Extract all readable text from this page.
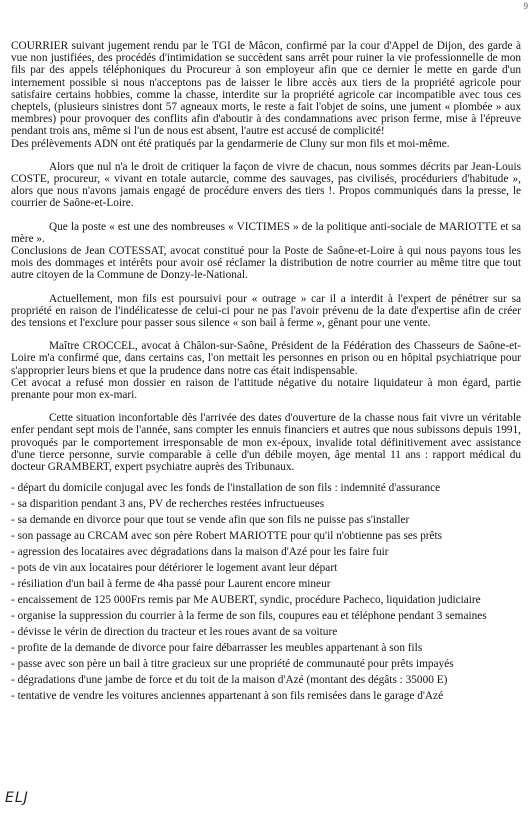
9

COURRIER suivant jugement rendu par le TGI de Mâcon, confirmé par la cour d'Appel de Dijon, des garde à vue non justifiées, des procédés d'intimidation se succèdent sans arrêt pour ruiner la vie professionnelle de mon fils par des appels téléphoniques du Procureur à son employeur afin que ce dernier le mette en garde d'un internement possible si nous n'acceptons pas de laisser le libre accès aux tiers de la propriété agricole pour satisfaire certains hobbies, comme la chasse, interdite sur la propriété agricole car incompatible avec tous ces cheptels, (plusieurs sinistres dont 57 agneaux morts, le reste a fait l'objet de soins, une jument « plombée » aux membres) pour provoquer des conflits afin d'aboutir à des condamnations avec prison ferme, mise à l'épreuve pendant trois ans, même si l'un de nous est absent, l'autre est accusé de complicité!

Des prélèvements ADN ont été pratiqués par la gendarmerie de Cluny sur mon fils et moi-même.

Alors que nul n'a le droit de critiquer la façon de vivre de chacun, nous sommes décrits par Jean-Louis COSTE, procureur, « vivant en totale autarcie, comme des sauvages, pas civilisés, procéduriers d'habitude », alors que nous n'avons jamais engagé de procédure envers des tiers !. Propos communiqués dans la presse, le courrier de Saône-et-Loire.

Que la poste « est une des nombreuses « VICTIMES » de la politique anti-sociale de MARIOTTE et sa mère ».

Conclusions de Jean COTESSAT, avocat constitué pour la Poste de Saône-et-Loire à qui nous payons tous les mois des dommages et intérêts pour avoir osé réclamer la distribution de notre courrier au même titre que tout autre citoyen de la Commune de Donzy-le-National.

Actuellement, mon fils est poursuivi pour « outrage » car il a interdit à l'expert de pénétrer sur sa propriété en raison de l'indélicatesse de celui-ci pour ne pas l'avoir prévenu de la date d'expertise afin de créer des tensions et l'exclure pour passer sous silence « son bail à ferme », gênant pour une vente.

Maître CROCCEL, avocat à Châlon-sur-Saône, Président de la Fédération des Chasseurs de Saône-et-Loire m'a confirmé que, dans certains cas, l'on mettait les personnes en prison ou en hôpital psychiatrique pour s'approprier leurs biens et que la prudence dans notre cas était indispensable.

Cet avocat a refusé mon dossier en raison de l'attitude négative du notaire liquidateur à mon égard, partie prenante pour mon ex-mari.

Cette situation inconfortable dès l'arrivée des dates d'ouverture de la chasse nous fait vivre un véritable enfer pendant sept mois de l'année, sans compter les ennuis financiers et autres que nous subissons depuis 1991, provoqués par le comportement irresponsable de mon ex-époux, invalide total définitivement avec assistance d'une tierce personne, survie comparable à celle d'un débile moyen, âge mental 11 ans : rapport médical du docteur GRAMBERT, expert psychiatre auprès des Tribunaux.

- départ du domicile conjugal avec les fonds de l'installation de son fils : indemnité d'assurance
- sa disparition pendant 3 ans, PV de recherches restées infructueuses
- sa demande en divorce pour que tout se vende afin que son fils ne puisse pas s'installer
- son passage au CRCAM avec son père Robert MARIOTTE pour qu'il n'obtienne pas ses prêts
- agression des locataires avec dégradations dans la maison d'Azé pour les faire fuir
- pots de vin aux locataires pour détériorer le logement avant leur départ
- résiliation d'un bail à ferme de 4ha passé pour Laurent encore mineur
- encaissement de 125 000Frs remis par Me AUBERT, syndic, procédure Pacheco, liquidation judiciaire
- organise la suppression du courrier à la ferme de son fils, coupures eau et téléphone pendant 3 semaines
- dévisse le vérin de direction du tracteur et les roues avant de sa voiture
- profite de la demande de divorce pour faire débarrasser les meubles appartenant à son fils
- passe avec son père un bail à titre gracieux sur une propriété de communauté pour prêts impayés
- dégradations d'une jambe de force et du toit de la maison d'Azé (montant des dégâts : 35000 E)
- tentative de vendre les voitures anciennes appartenant à son fils remisées dans le garage d'Azé
ELJ
